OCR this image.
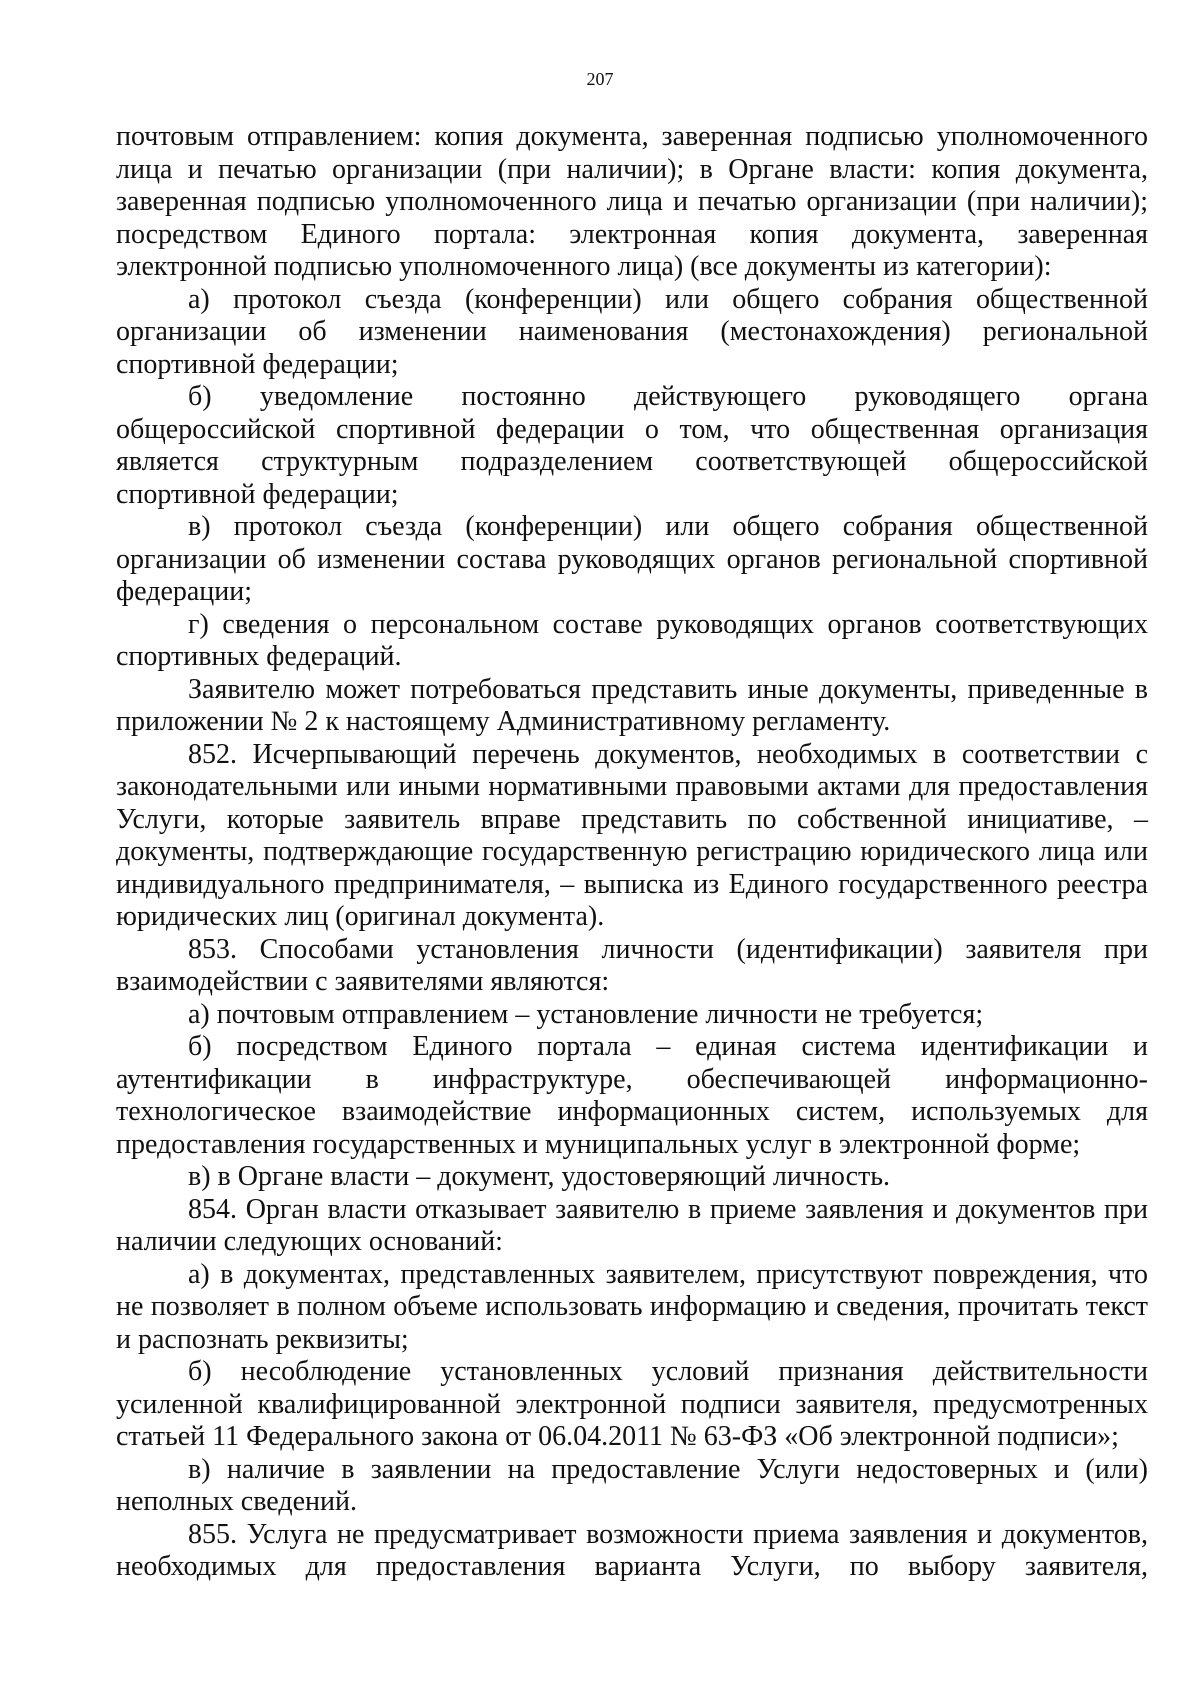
207

почтовым отправлением: копия документа, заверенная подписью уполномоченного лица и печатью организации (при наличии); в Органе власти: копия документа, заверенная подписью уполномоченного лица и печатью организации (при наличии); посредством Единого портала: электронная копия документа, заверенная электронной подписью уполномоченного лица) (все документы из категории):

а) протокол съезда (конференции) или общего собрания общественной организации об изменении наименования (местонахождения) региональной спортивной федерации;

б) уведомление постоянно действующего руководящего органа общероссийской спортивной федерации о том, что общественная организация является структурным подразделением соответствующей общероссийской спортивной федерации;

в) протокол съезда (конференции) или общего собрания общественной организации об изменении состава руководящих органов региональной спортивной федерации;

г) сведения о персональном составе руководящих органов соответствующих спортивных федераций.

Заявителю может потребоваться представить иные документы, приведенные в приложении № 2 к настоящему Административному регламенту.

852. Исчерпывающий перечень документов, необходимых в соответствии с законодательными или иными нормативными правовыми актами для предоставления Услуги, которые заявитель вправе представить по собственной инициативе, – документы, подтверждающие государственную регистрацию юридического лица или индивидуального предпринимателя, – выписка из Единого государственного реестра юридических лиц (оригинал документа).

853. Способами установления личности (идентификации) заявителя при взаимодействии с заявителями являются:

а) почтовым отправлением – установление личности не требуется;

б) посредством Единого портала – единая система идентификации и аутентификации в инфраструктуре, обеспечивающей информационно-технологическое взаимодействие информационных систем, используемых для предоставления государственных и муниципальных услуг в электронной форме;

в) в Органе власти – документ, удостоверяющий личность.

854. Орган власти отказывает заявителю в приеме заявления и документов при наличии следующих оснований:

а) в документах, представленных заявителем, присутствуют повреждения, что не позволяет в полном объеме использовать информацию и сведения, прочитать текст и распознать реквизиты;

б) несоблюдение установленных условий признания действительности усиленной квалифицированной электронной подписи заявителя, предусмотренных статьей 11 Федерального закона от 06.04.2011 № 63-ФЗ «Об электронной подписи»;

в) наличие в заявлении на предоставление Услуги недостоверных и (или) неполных сведений.

855. Услуга не предусматривает возможности приема заявления и документов, необходимых для предоставления варианта Услуги, по выбору заявителя,
